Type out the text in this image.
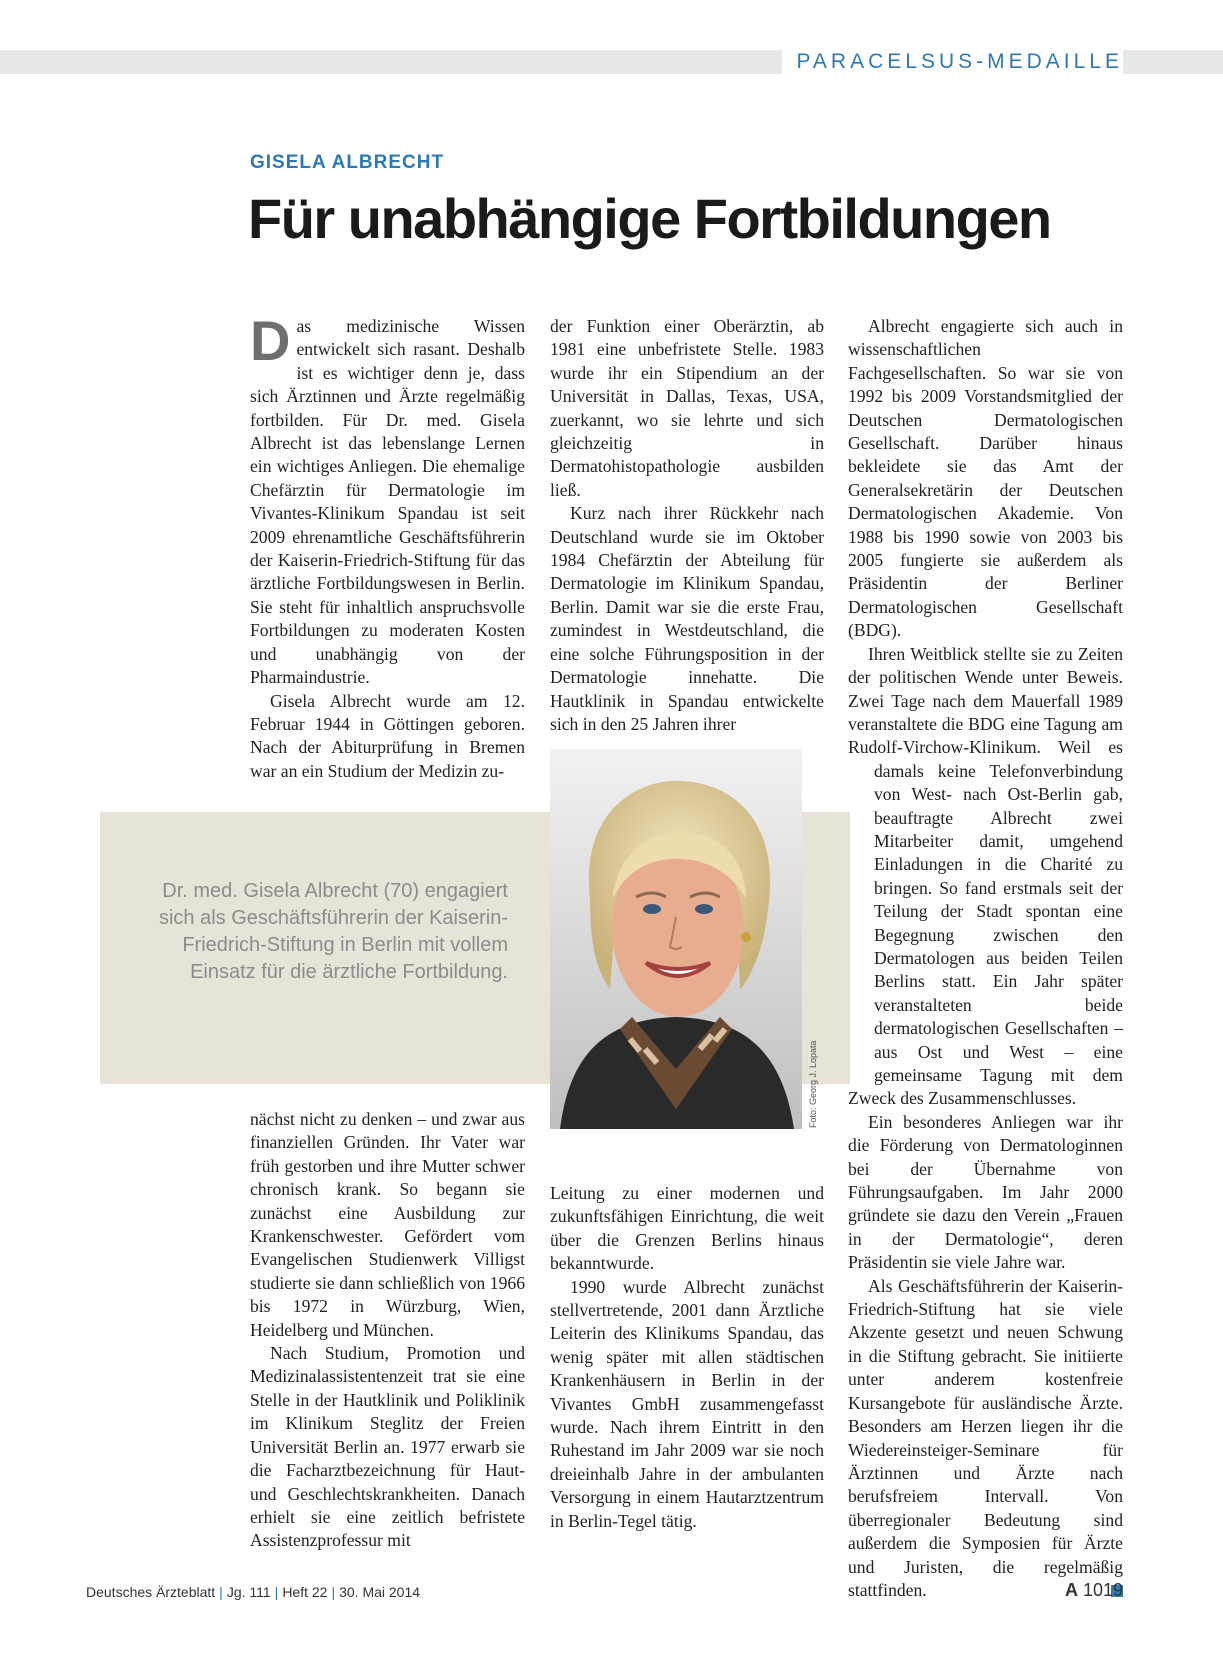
PARACELSUS-MEDAILLE
GISELA ALBRECHT
Für unabhängige Fortbildungen

Das medizinische Wissen entwickelt sich rasant. Deshalb ist es wichtiger denn je, dass sich Ärztinnen und Ärzte regelmäßig fortbilden. Für Dr. med. Gisela Albrecht ist das lebenslange Lernen ein wichtiges Anliegen. Die ehemalige Chefärztin für Dermatologie im Vivantes-Klinikum Spandau ist seit 2009 ehrenamtliche Geschäftsführerin der Kaiserin-Friedrich-Stiftung für das ärztliche Fortbildungswesen in Berlin. Sie steht für inhaltlich anspruchsvolle Fortbildungen zu moderaten Kosten und unabhängig von der Pharmaindustrie.

Gisela Albrecht wurde am 12. Februar 1944 in Göttingen geboren. Nach der Abiturprüfung in Bremen war an ein Studium der Medizin zu-

der Funktion einer Oberärztin, ab 1981 eine unbefristete Stelle. 1983 wurde ihr ein Stipendium an der Universität in Dallas, Texas, USA, zuerkannt, wo sie lehrte und sich gleichzeitig in Dermatohistopathologie ausbilden ließ.

Kurz nach ihrer Rückkehr nach Deutschland wurde sie im Oktober 1984 Chefärztin der Abteilung für Dermatologie im Klinikum Spandau, Berlin. Damit war sie die erste Frau, zumindest in Westdeutschland, die eine solche Führungsposition in der Dermatologie innehatte. Die Hautklinik in Spandau entwickelte sich in den 25 Jahren ihrer

Dr. med. Gisela Albrecht (70) engagiert sich als Geschäftsführerin der Kaiserin-Friedrich-Stiftung in Berlin mit vollem Einsatz für die ärztliche Fortbildung.

Foto: Georg J. Lopata

nächst nicht zu denken – und zwar aus finanziellen Gründen. Ihr Vater war früh gestorben und ihre Mutter schwer chronisch krank. So begann sie zunächst eine Ausbildung zur Krankenschwester. Gefördert vom Evangelischen Studienwerk Villigst studierte sie dann schließlich von 1966 bis 1972 in Würzburg, Wien, Heidelberg und München.

Nach Studium, Promotion und Medizinalassistentenzeit trat sie eine Stelle in der Hautklinik und Poliklinik im Klinikum Steglitz der Freien Universität Berlin an. 1977 erwarb sie die Facharztbezeichnung für Haut- und Geschlechtskrankheiten. Danach erhielt sie eine zeitlich befristete Assistenzprofessur mit

Leitung zu einer modernen und zukunftsfähigen Einrichtung, die weit über die Grenzen Berlins hinaus bekanntwurde.

1990 wurde Albrecht zunächst stellvertretende, 2001 dann Ärztliche Leiterin des Klinikums Spandau, das wenig später mit allen städtischen Krankenhäusern in Berlin in der Vivantes GmbH zusammengefasst wurde. Nach ihrem Eintritt in den Ruhestand im Jahr 2009 war sie noch dreieinhalb Jahre in der ambulanten Versorgung in einem Hautarztzentrum in Berlin-Tegel tätig.

Albrecht engagierte sich auch in wissenschaftlichen Fachgesellschaften. So war sie von 1992 bis 2009 Vorstandsmitglied der Deutschen Dermatologischen Gesellschaft. Darüber hinaus bekleidete sie das Amt der Generalsekretärin der Deutschen Dermatologischen Akademie. Von 1988 bis 1990 sowie von 2003 bis 2005 fungierte sie außerdem als Präsidentin der Berliner Dermatologischen Gesellschaft (BDG).

Ihren Weitblick stellte sie zu Zeiten der politischen Wende unter Beweis. Zwei Tage nach dem Mauerfall 1989 veranstaltete die BDG eine Tagung am Rudolf-Virchow-Klinikum. Weil es damals keine Telefonverbindung von West- nach Ost-Berlin gab, beauftragte Albrecht zwei Mitarbeiter damit, umgehend Einladungen in die Charité zu bringen. So fand erstmals seit der Teilung der Stadt spontan eine Begegnung zwischen den Dermatologen aus beiden Teilen Berlins statt. Ein Jahr später veranstalteten beide dermatologischen Gesellschaften – aus Ost und West – eine gemeinsame Tagung mit dem Zweck des Zusammenschlusses.

Ein besonderes Anliegen war ihr die Förderung von Dermatologinnen bei der Übernahme von Führungsaufgaben. Im Jahr 2000 gründete sie dazu den Verein „Frauen in der Dermatologie“, deren Präsidentin sie viele Jahre war.

Als Geschäftsführerin der Kaiserin-Friedrich-Stiftung hat sie viele Akzente gesetzt und neuen Schwung in die Stiftung gebracht. Sie initiierte unter anderem kostenfreie Kursangebote für ausländische Ärzte. Besonders am Herzen liegen ihr die Wiedereinsteiger-Seminare für Ärztinnen und Ärzte nach berufsfreiem Intervall. Von überregionaler Bedeutung sind außerdem die Symposien für Ärzte und Juristen, die regelmäßig stattfinden.

Deutsches Ärzteblatt | Jg. 111 | Heft 22 | 30. Mai 2014	A 1019
